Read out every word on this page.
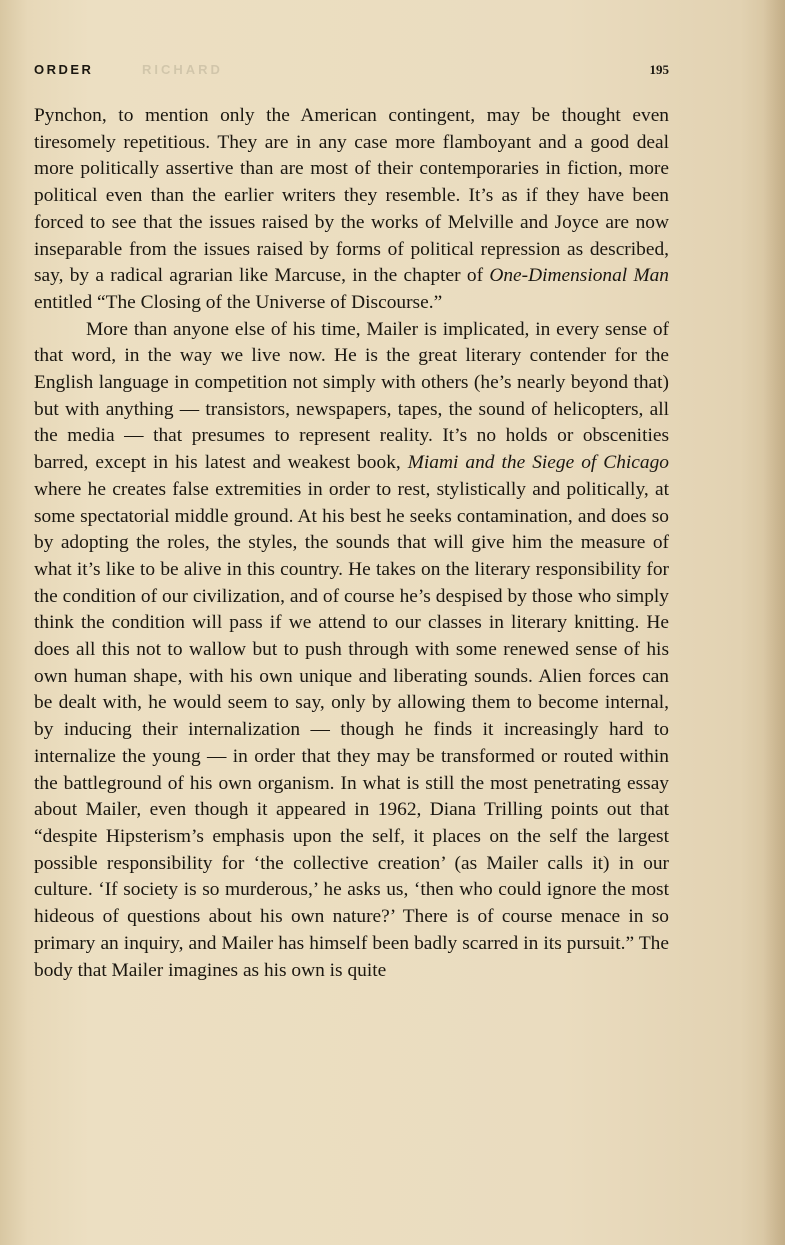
ORDER	RICHARD	195

Pynchon, to mention only the American contingent, may be thought even tiresomely repetitious. They are in any case more flamboyant and a good deal more politically assertive than are most of their contemporaries in fiction, more political even than the earlier writers they resemble. It’s as if they have been forced to see that the issues raised by the works of Melville and Joyce are now inseparable from the issues raised by forms of political repression as described, say, by a radical agrarian like Marcuse, in the chapter of One-Dimensional Man entitled “The Closing of the Universe of Discourse.”

More than anyone else of his time, Mailer is implicated, in every sense of that word, in the way we live now. He is the great literary contender for the English language in competition not simply with others (he’s nearly beyond that) but with anything — transistors, newspapers, tapes, the sound of helicopters, all the media — that presumes to represent reality. It’s no holds or obscenities barred, except in his latest and weakest book, Miami and the Siege of Chicago where he creates false extremities in order to rest, stylistically and politically, at some spectatorial middle ground. At his best he seeks contamination, and does so by adopting the roles, the styles, the sounds that will give him the measure of what it’s like to be alive in this country. He takes on the literary responsibility for the condition of our civilization, and of course he’s despised by those who simply think the condition will pass if we attend to our classes in literary knitting. He does all this not to wallow but to push through with some renewed sense of his own human shape, with his own unique and liberating sounds. Alien forces can be dealt with, he would seem to say, only by allowing them to become internal, by inducing their internalization — though he finds it increasingly hard to internalize the young — in order that they may be transformed or routed within the battleground of his own organism. In what is still the most penetrating essay about Mailer, even though it appeared in 1962, Diana Trilling points out that “despite Hipsterism’s emphasis upon the self, it places on the self the largest possible responsibility for ‘the collective creation’ (as Mailer calls it) in our culture. ‘If society is so murderous,’ he asks us, ‘then who could ignore the most hideous of questions about his own nature?’ There is of course menace in so primary an inquiry, and Mailer has himself been badly scarred in its pursuit.” The body that Mailer imagines as his own is quite
